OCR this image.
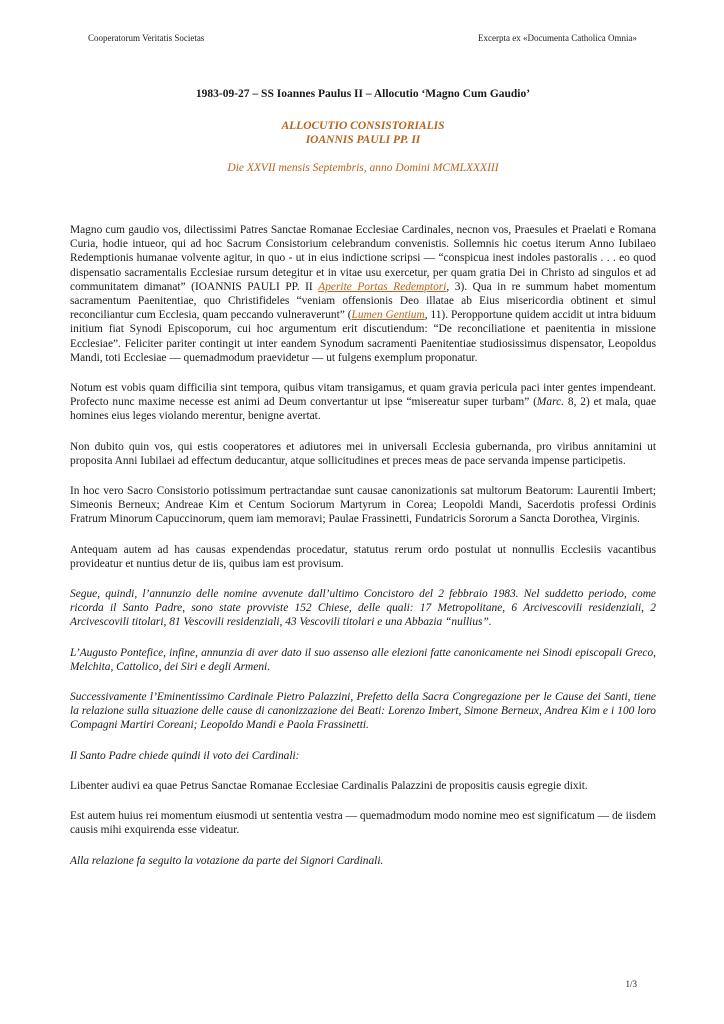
Cooperatorum Veritatis Societas	Excerpta ex «Documenta Catholica Omnia»
1983-09-27 – SS Ioannes Paulus II – Allocutio ‘Magno Cum Gaudio’
ALLOCUTIO CONSISTORIALIS
IOANNIS PAULI PP. II
Die XXVII mensis Septembris, anno Domini MCMLXXXIII

Magno cum gaudio vos, dilectissimi Patres Sanctae Romanae Ecclesiae Cardinales, necnon vos, Praesules et Praelati e Romana Curia, hodie intueor, qui ad hoc Sacrum Consistorium celebrandum convenistis. Sollemnis hic coetus iterum Anno Iubilaeo Redemptionis humanae volvente agitur, in quo - ut in eius indictione scripsi — “conspicua inest indoles pastoralis . . . eo quod dispensatio sacramentalis Ecclesiae rursum detegitur et in vitae usu exercetur, per quam gratia Dei in Christo ad singulos et ad communitatem dimanat” (IOANNIS PAULI PP. II Aperite Portas Redemptori, 3). Qua in re summum habet momentum sacramentum Paenitentiae, quo Christifideles “veniam offensionis Deo illatae ab Eius misericordia obtinent et simul reconciliantur cum Ecclesia, quam peccando vulneraverunt” (Lumen Gentium, 11). Peropportune quidem accidit ut intra biduum initium fiat Synodi Episcoporum, cui hoc argumentum erit discutiendum: “De reconciliatione et paenitentia in missione Ecclesiae”. Feliciter pariter contingit ut inter eandem Synodum sacramenti Paenitentiae studiosissimus dispensator, Leopoldus Mandi, toti Ecclesiae — quemadmodum praevidetur — ut fulgens exemplum proponatur.

Notum est vobis quam difficilia sint tempora, quibus vitam transigamus, et quam gravia pericula paci inter gentes impendeant. Profecto nunc maxime necesse est animi ad Deum convertantur ut ipse “misereatur super turbam” (Marc. 8, 2) et mala, quae homines eius leges violando merentur, benigne avertat.

Non dubito quin vos, qui estis cooperatores et adiutores mei in universali Ecclesia gubernanda, pro viribus annitamini ut proposita Anni Iubilaei ad effectum deducantur, atque sollicitudines et preces meas de pace servanda impense participetis.

In hoc vero Sacro Consistorio potissimum pertractandae sunt causae canonizationis sat multorum Beatorum: Laurentii Imbert; Simeonis Berneux; Andreae Kim et Centum Sociorum Martyrum in Corea; Leopoldi Mandi, Sacerdotis professi Ordinis Fratrum Minorum Capuccinorum, quem iam memoravi; Paulae Frassinetti, Fundatricis Sororum a Sancta Dorothea, Virginis.

Antequam autem ad has causas expendendas procedatur, statutus rerum ordo postulat ut nonnullis Ecclesiis vacantibus provideatur et nuntius detur de iis, quibus iam est provisum.

Segue, quindi, l’annunzio delle nomine avvenute dall’ultimo Concistoro del 2 febbraio 1983. Nel suddetto periodo, come ricorda il Santo Padre, sono state provviste 152 Chiese, delle quali: 17 Metropolitane, 6 Arcivescovili residenziali, 2 Arcivescovili titolari, 81 Vescovili residenziali, 43 Vescovili titolari e una Abbazia “nullius”.

L’Augusto Pontefice, infine, annunzia di aver dato il suo assenso alle elezioni fatte canonicamente nei Sinodi episcopali Greco, Melchita, Cattolico, dei Siri e degli Armeni.

Successivamente l’Eminentissimo Cardinale Pietro Palazzini, Prefetto della Sacra Congregazione per le Cause dei Santi, tiene la relazione sulla situazione delle cause di canonizzazione dei Beati: Lorenzo Imbert, Simone Berneux, Andrea Kim e i 100 loro Compagni Martiri Coreani; Leopoldo Mandi e Paola Frassinetti.

Il Santo Padre chiede quindi il voto dei Cardinali:

Libenter audivi ea quae Petrus Sanctae Romanae Ecclesiae Cardinalis Palazzini de propositis causis egregie dixit.

Est autem huius rei momentum eiusmodi ut sententia vestra — quemadmodum modo nomine meo est significatum — de iisdem causis mihi exquirenda esse videatur.

Alla relazione fa seguito la votazione da parte dei Signori Cardinali.

1/3
